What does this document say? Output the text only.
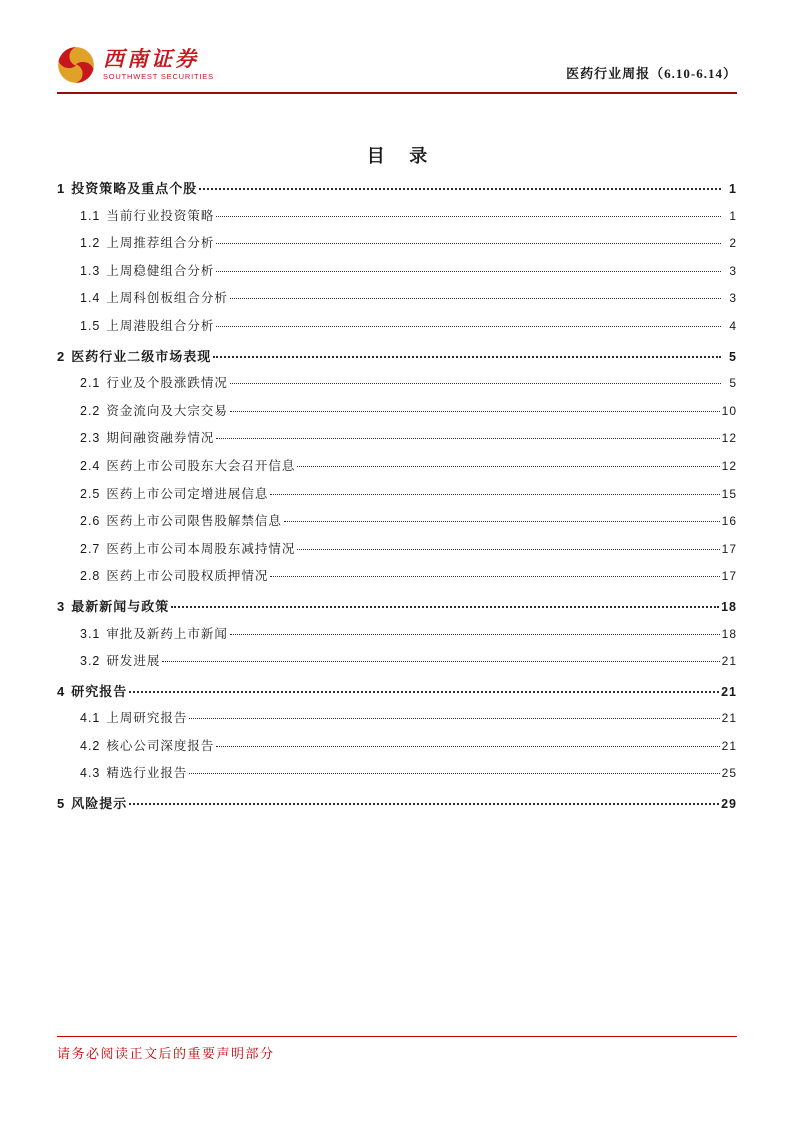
西南证券
SOUTHWEST SECURITIES	医药行业周报（6.10-6.14）
目 录
1 投资策略及重点个股	1
1.1 当前行业投资策略	1
1.2 上周推荐组合分析	2
1.3 上周稳健组合分析	3
1.4 上周科创板组合分析	3
1.5 上周港股组合分析	4
2 医药行业二级市场表现	5
2.1 行业及个股涨跌情况	5
2.2 资金流向及大宗交易	10
2.3 期间融资融券情况	12
2.4 医药上市公司股东大会召开信息	12
2.5 医药上市公司定增进展信息	15
2.6 医药上市公司限售股解禁信息	16
2.7 医药上市公司本周股东减持情况	17
2.8 医药上市公司股权质押情况	17
3 最新新闻与政策	18
3.1 审批及新药上市新闻	18
3.2 研发进展	21
4 研究报告	21
4.1 上周研究报告	21
4.2 核心公司深度报告	21
4.3 精选行业报告	25
5 风险提示	29
请务必阅读正文后的重要声明部分
